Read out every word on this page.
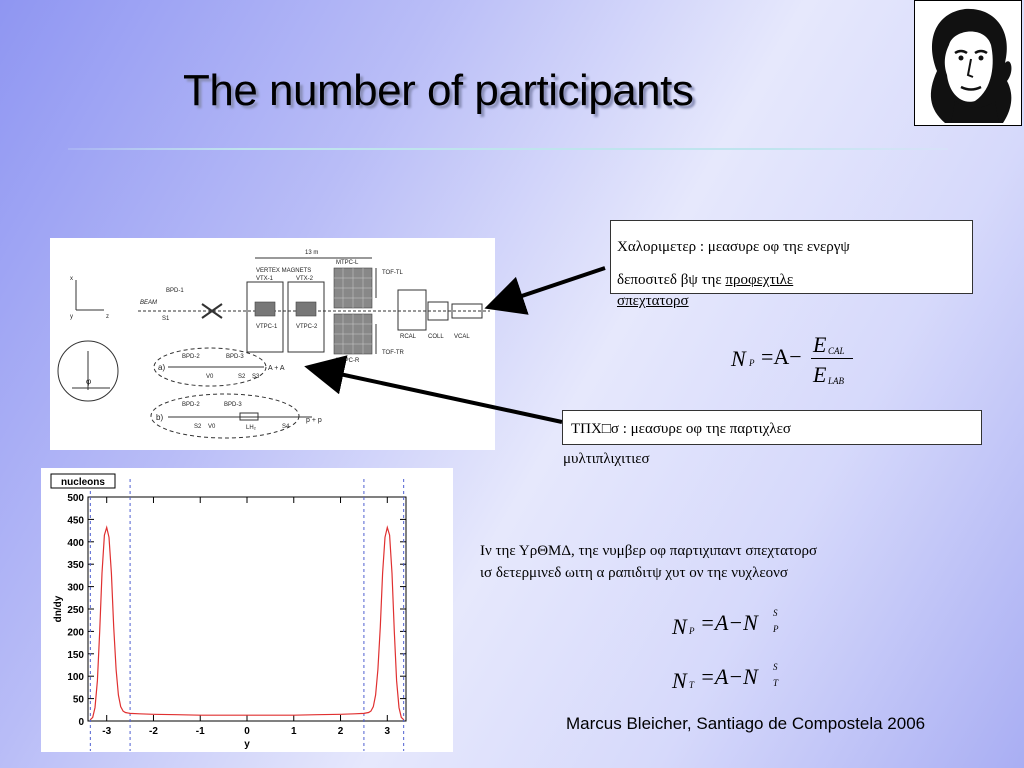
The number of participants
13 m
VERTEX MAGNETS
VTX-1	VTX-2
VTPC-1	VTPC-2
MTPC-L
MTPC-R
TOF-TL
TOF-TR
RCAL COLL VCAL
BEAM
BPD-1
S1
x
y	z
φ
BPD-2	BPD-3
a)
V0	S2 S3
A + A
BPD-2	BPD-3
b)
S2 V0	LH₂	S4
p + p
Χαλοριμετερ : μεασυρε οφ τηε ενεργψ
δεποσιτεδ βψ τηε προφεχτιλε
σπεχτατορσ
ΤΠΧ□σ : μεασυρε οφ τηε παρτιχλεσ
μυλτιπλιχιτιεσ
N P =A− E CAL
E LAB
Ιν τηε ΥρΘΜΔ, τηε νυμβερ οφ παρτιχιπαντ σπεχτατορσ
ισ δετερμινεδ ωιτη α ραπιδιτψ χυτ ον τηε νυχλεονσ
N P =A−N S
P
N T =A−N S
T
0
50
100
150
200
250
300
350
400
450
500
-3	-2	-1	0	1	2	3
nucleons
y
dn/dy
Marcus Bleicher, Santiago de Compostela 2006
